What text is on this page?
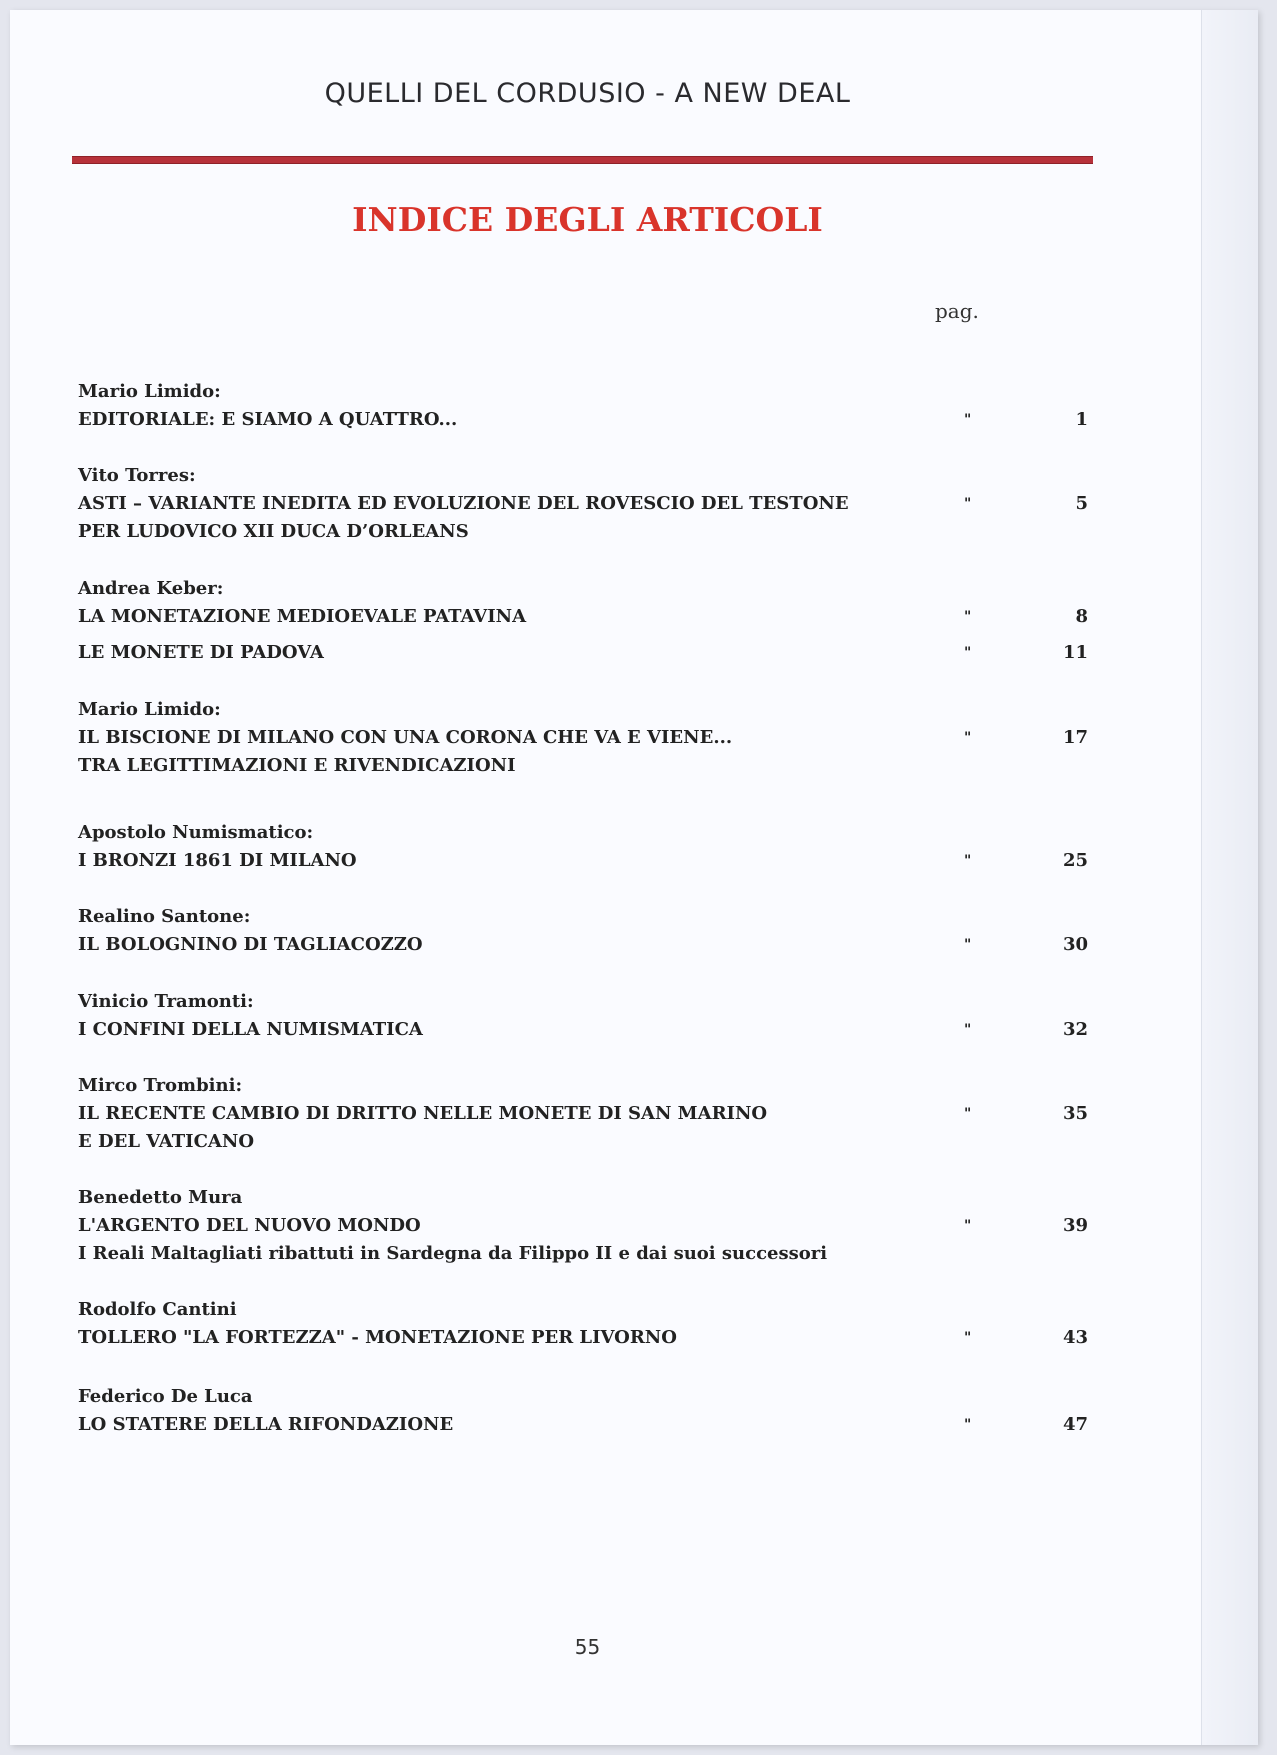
QUELLI DEL CORDUSIO - A NEW DEAL
INDICE DEGLI ARTICOLI
pag.
Mario Limido:
EDITORIALE: E SIAMO A QUATTRO...	"	1
Vito Torres:
ASTI – VARIANTE INEDITA ED EVOLUZIONE DEL ROVESCIO DEL TESTONE	"	5
PER LUDOVICO XII DUCA D’ORLEANS
Andrea Keber:
LA MONETAZIONE MEDIOEVALE PATAVINA	"	8
LE MONETE DI PADOVA	"	11
Mario Limido:
IL BISCIONE DI MILANO CON UNA CORONA CHE VA E VIENE...	"	17
TRA LEGITTIMAZIONI E RIVENDICAZIONI
Apostolo Numismatico:
I BRONZI 1861 DI MILANO	"	25
Realino Santone:
IL BOLOGNINO DI TAGLIACOZZO	"	30
Vinicio Tramonti:
I CONFINI DELLA NUMISMATICA	"	32
Mirco Trombini:
IL RECENTE CAMBIO DI DRITTO NELLE MONETE DI SAN MARINO	"	35
E DEL VATICANO
Benedetto Mura
L'ARGENTO DEL NUOVO MONDO	"	39
I Reali Maltagliati ribattuti in Sardegna da Filippo II e dai suoi successori
Rodolfo Cantini
TOLLERO "LA FORTEZZA" - MONETAZIONE PER LIVORNO	"	43
Federico De Luca
LO STATERE DELLA RIFONDAZIONE	"	47
55
